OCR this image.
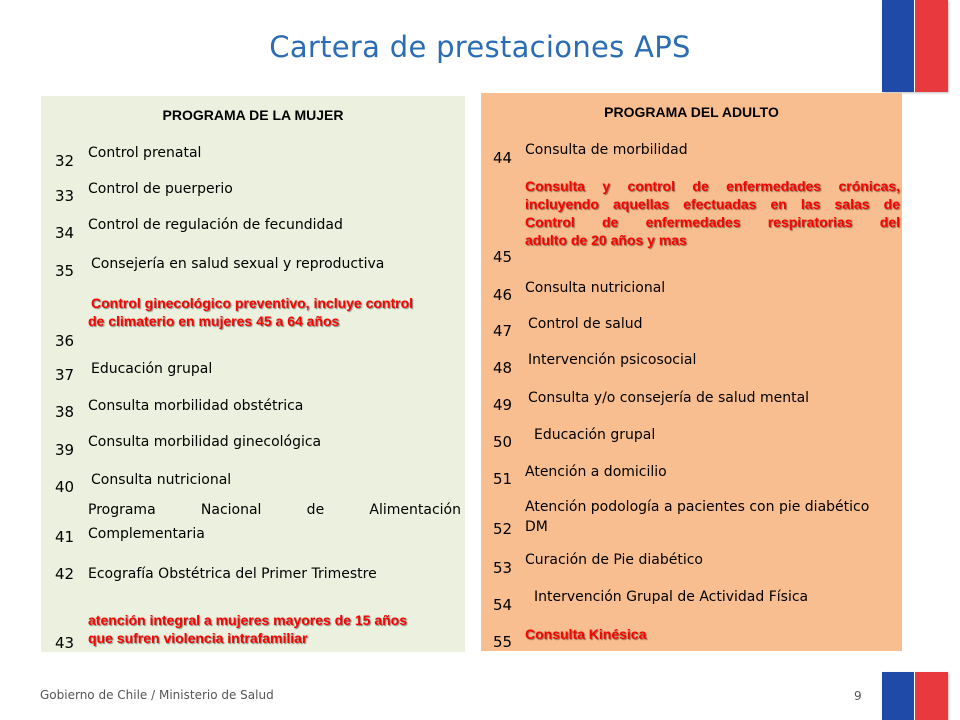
Cartera de prestaciones APS
PROGRAMA DE LA MUJER
32 Control prenatal
33 Control de puerperio
34 Control de regulación de fecundidad
35 Consejería en salud sexual y reproductiva
36
Control ginecológico preventivo, incluye control
de climaterio en mujeres 45 a 64 años
37 Educación grupal
38 Consulta morbilidad obstétrica
39 Consulta morbilidad ginecológica
40 Consulta nutricional
41
Programa Nacional de Alimentación
Complementaria
42 Ecografía Obstétrica del Primer Trimestre
43
atención integral a mujeres mayores de 15 años
que sufren violencia intrafamiliar
PROGRAMA DEL ADULTO
44 Consulta de morbilidad
45
Consulta y control de enfermedades crónicas,
incluyendo aquellas efectuadas en las salas de
Control de enfermedades respiratorias del
adulto de 20 años y mas
46 Consulta nutricional
47 Control de salud
48 Intervención psicosocial
49 Consulta y/o consejería de salud mental
50 Educación grupal
51 Atención a domicilio
52
Atención podología a pacientes con pie diabético
DM
53 Curación de Pie diabético
54 Intervención Grupal de Actividad Física
55 Consulta Kinésica
Gobierno de Chile / Ministerio de Salud	9
